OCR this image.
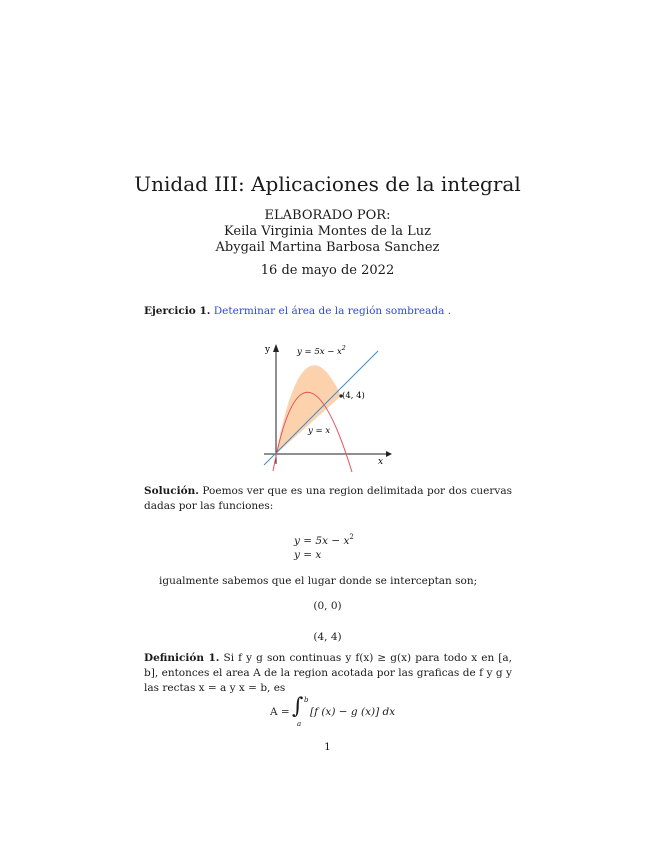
Unidad III: Aplicaciones de la integral
ELABORADO POR:
Keila Virginia Montes de la Luz
Abygail Martina Barbosa Sanchez
16 de mayo de 2022
Ejercicio 1. Determinar el área de la región sombreada .
y
x
$y = 5x - x^2$
(4, 4)
y = x
Solución. Poemos ver que es una region delimitada por dos cuervas dadas por las funciones:
$y = 5x - x^2$
y = x
igualmente sabemos que el lugar donde se interceptan son;
(0, 0)
(4, 4)
Definición 1. Si f y g son continuas y f(x) ≥ g(x) para todo x en [a, b], entonces el area A de la region acotada por las graficas de f y g y las rectas x = a y x = b, es
A = ∫ b
a
[f (x) − g (x)] dx
1
